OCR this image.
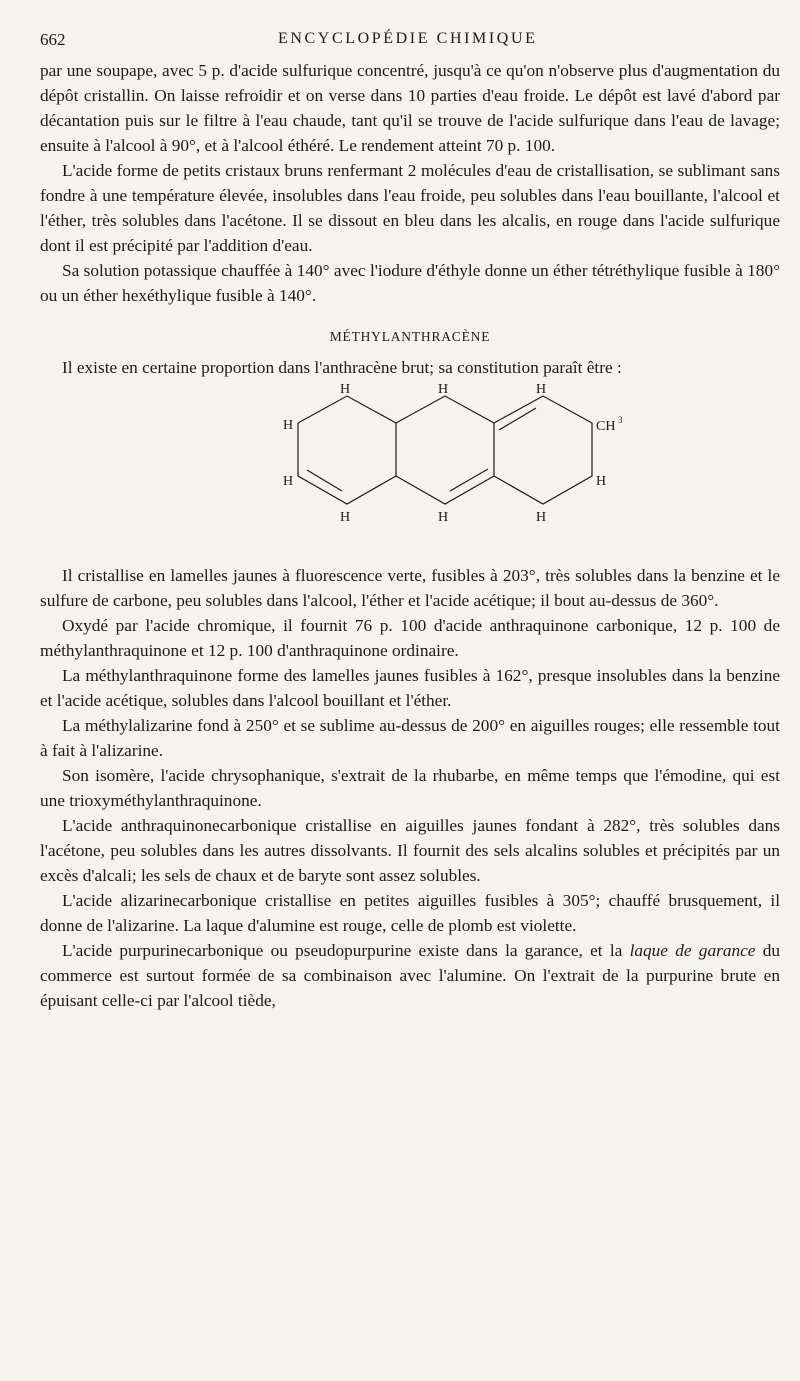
662	ENCYCLOPÉDIE CHIMIQUE

par une soupape, avec 5 p. d'acide sulfurique concentré, jusqu'à ce qu'on n'observe plus d'augmentation du dépôt cristallin. On laisse refroidir et on verse dans 10 parties d'eau froide. Le dépôt est lavé d'abord par décantation puis sur le filtre à l'eau chaude, tant qu'il se trouve de l'acide sulfurique dans l'eau de lavage; ensuite à l'alcool à 90°, et à l'alcool éthéré. Le rendement atteint 70 p. 100.

L'acide forme de petits cristaux bruns renfermant 2 molécules d'eau de cristallisation, se sublimant sans fondre à une température élevée, insolubles dans l'eau froide, peu solubles dans l'eau bouillante, l'alcool et l'éther, très solubles dans l'acétone. Il se dissout en bleu dans les alcalis, en rouge dans l'acide sulfurique dont il est précipité par l'addition d'eau.

Sa solution potassique chauffée à 140° avec l'iodure d'éthyle donne un éther tétréthylique fusible à 180° ou un éther hexéthylique fusible à 140°.

MÉTHYLANTHRACÈNE

Il existe en certaine proportion dans l'anthracène brut; sa constitution paraît être :

H	H	H
H
H
CH 3
H
H	H	H

Il cristallise en lamelles jaunes à fluorescence verte, fusibles à 203°, très solubles dans la benzine et le sulfure de carbone, peu solubles dans l'alcool, l'éther et l'acide acétique; il bout au-dessus de 360°.

Oxydé par l'acide chromique, il fournit 76 p. 100 d'acide anthraquinone carbonique, 12 p. 100 de méthylanthraquinone et 12 p. 100 d'anthraquinone ordinaire.

La méthylanthraquinone forme des lamelles jaunes fusibles à 162°, presque insolubles dans la benzine et l'acide acétique, solubles dans l'alcool bouillant et l'éther.

La méthylalizarine fond à 250° et se sublime au-dessus de 200° en aiguilles rouges; elle ressemble tout à fait à l'alizarine.

Son isomère, l'acide chrysophanique, s'extrait de la rhubarbe, en même temps que l'émodine, qui est une trioxyméthylanthraquinone.

L'acide anthraquinonecarbonique cristallise en aiguilles jaunes fondant à 282°, très solubles dans l'acétone, peu solubles dans les autres dissolvants. Il fournit des sels alcalins solubles et précipités par un excès d'alcali; les sels de chaux et de baryte sont assez solubles.

L'acide alizarinecarbonique cristallise en petites aiguilles fusibles à 305°; chauffé brusquement, il donne de l'alizarine. La laque d'alumine est rouge, celle de plomb est violette.

L'acide purpurinecarbonique ou pseudopurpurine existe dans la garance, et la laque de garance du commerce est surtout formée de sa combinaison avec l'alumine. On l'extrait de la purpurine brute en épuisant celle-ci par l'alcool tiède,
